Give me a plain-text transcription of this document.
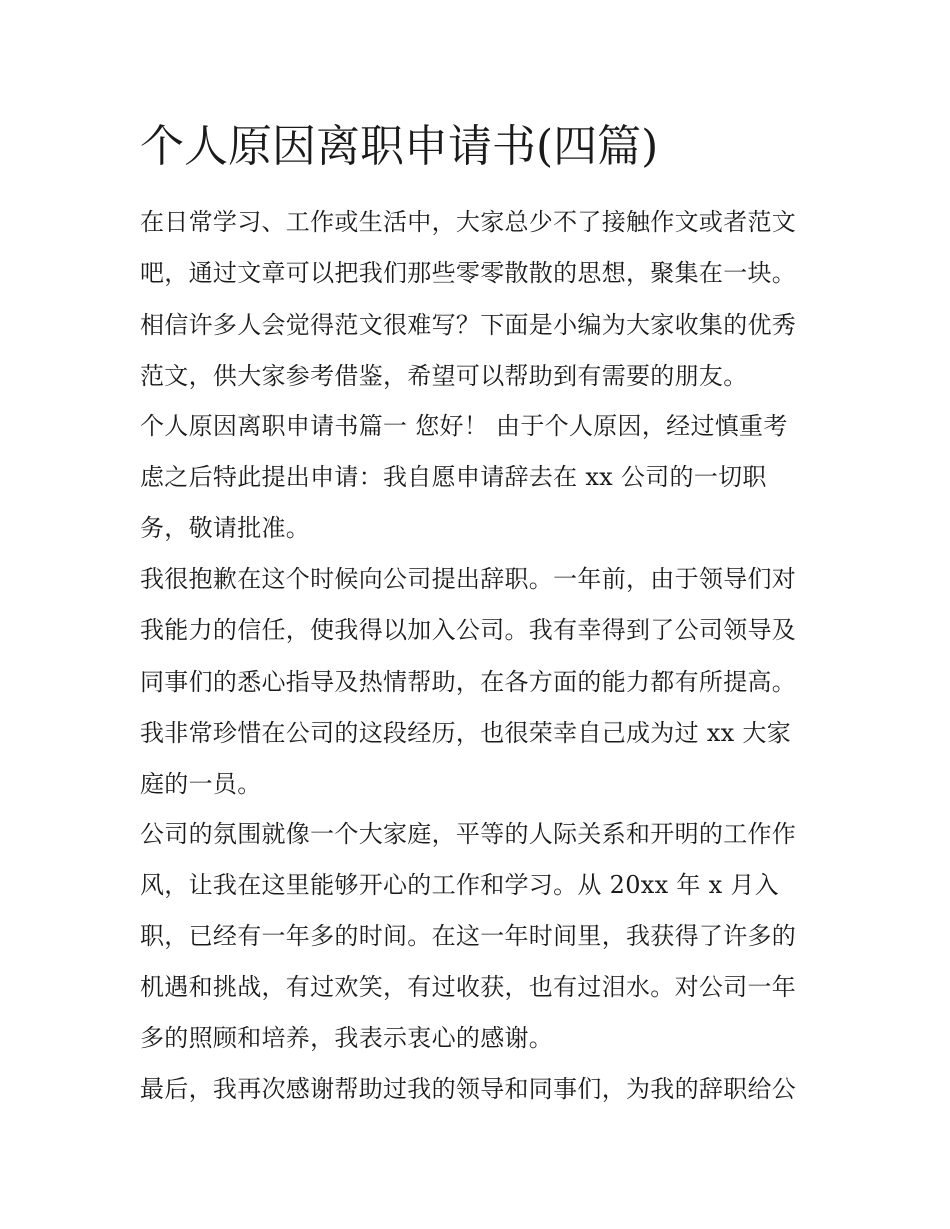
个人原因离职申请书(四篇)
在日常学习、工作或生活中，大家总少不了接触作文或者范文
吧，通过文章可以把我们那些零零散散的思想，聚集在一块。
相信许多人会觉得范文很难写？下面是小编为大家收集的优秀
范文，供大家参考借鉴，希望可以帮助到有需要的朋友。
个人原因离职申请书篇一 您好！ 由于个人原因，经过慎重考
虑之后特此提出申请：我自愿申请辞去在 xx 公司的一切职
务，敬请批准。
我很抱歉在这个时候向公司提出辞职。一年前，由于领导们对
我能力的信任，使我得以加入公司。我有幸得到了公司领导及
同事们的悉心指导及热情帮助，在各方面的能力都有所提高。
我非常珍惜在公司的这段经历，也很荣幸自己成为过 xx 大家
庭的一员。
公司的氛围就像一个大家庭，平等的人际关系和开明的工作作
风，让我在这里能够开心的工作和学习。从 20xx 年 x 月入
职，已经有一年多的时间。在这一年时间里，我获得了许多的
机遇和挑战，有过欢笑，有过收获，也有过泪水。对公司一年
多的照顾和培养，我表示衷心的感谢。
最后，我再次感谢帮助过我的领导和同事们，为我的辞职给公
